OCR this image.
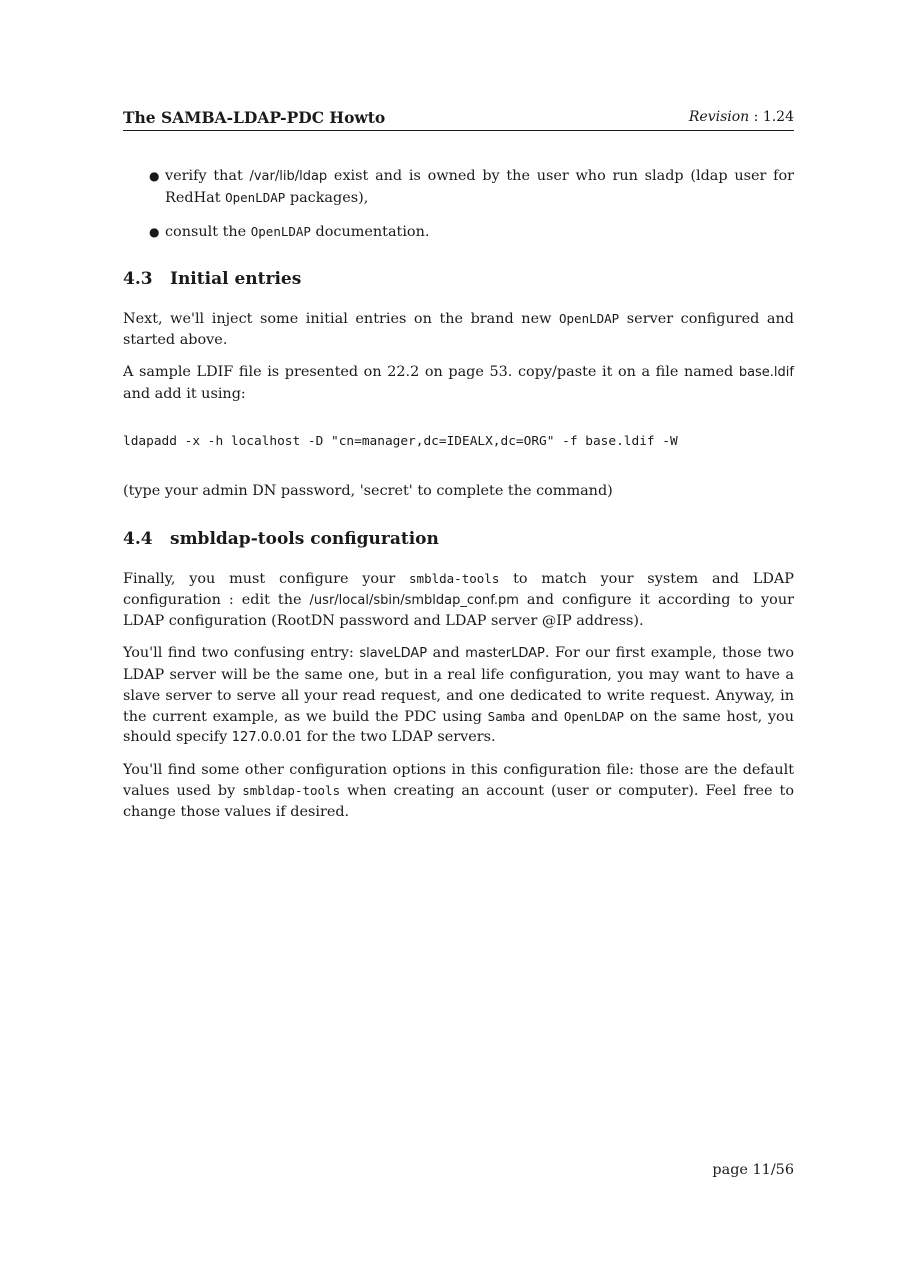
The SAMBA-LDAP-PDC Howto	Revision : 1.24
● verify that /var/lib/ldap exist and is owned by the user who run sladp (ldap user for RedHat OpenLDAP packages),
● consult the OpenLDAP documentation.
4.3 Initial entries

Next, we'll inject some initial entries on the brand new OpenLDAP server configured and started above.

A sample LDIF file is presented on 22.2 on page 53. copy/paste it on a file named base.ldif and add it using:

ldapadd -x -h localhost -D "cn=manager,dc=IDEALX,dc=ORG" -f base.ldif -W

(type your admin DN password, 'secret' to complete the command)

4.4 smbldap-tools configuration

Finally, you must configure your smblda-tools to match your system and LDAP configuration : edit the /usr/local/sbin/smbldap_conf.pm and configure it according to your LDAP configuration (RootDN password and LDAP server @IP address).

You'll find two confusing entry: slaveLDAP and masterLDAP. For our first example, those two LDAP server will be the same one, but in a real life configuration, you may want to have a slave server to serve all your read request, and one dedicated to write request. Anyway, in the current example, as we build the PDC using Samba and OpenLDAP on the same host, you should specify 127.0.0.01 for the two LDAP servers.

You'll find some other configuration options in this configuration file: those are the default values used by smbldap-tools when creating an account (user or computer). Feel free to change those values if desired.

page 11/56
